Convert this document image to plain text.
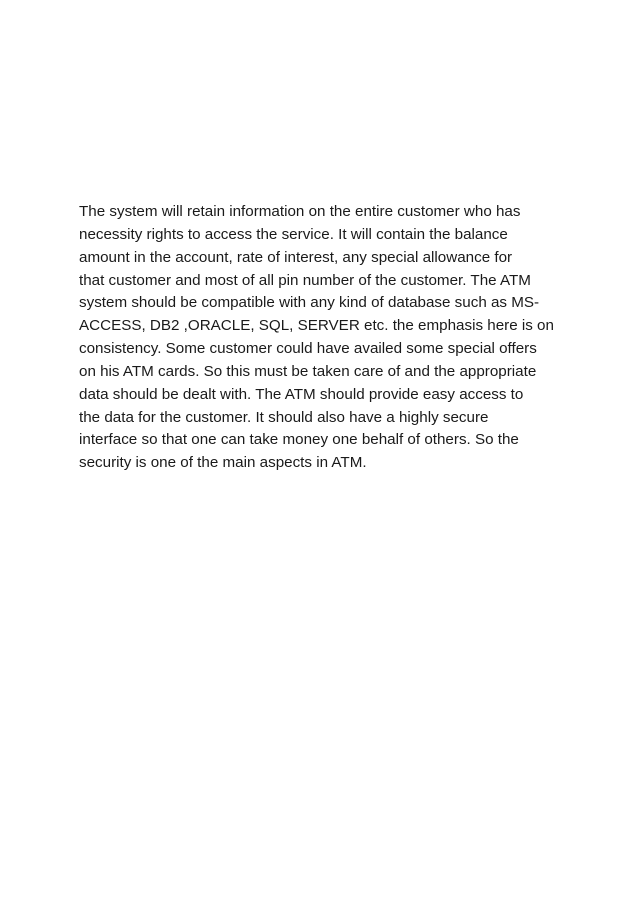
The system will retain information on the entire customer who has
necessity rights to access the service. It will contain the balance
amount in the account, rate of interest, any special allowance for
that customer and most of all pin number of the customer. The ATM
system should be compatible with any kind of database such as MS-
ACCESS, DB2 ,ORACLE, SQL, SERVER etc. the emphasis here is on
consistency. Some customer could have availed some special offers
on his ATM cards. So this must be taken care of and the appropriate
data should be dealt with. The ATM should provide easy access to
the data for the customer. It should also have a highly secure
interface so that one can take money one behalf of others. So the
security is one of the main aspects in ATM.
